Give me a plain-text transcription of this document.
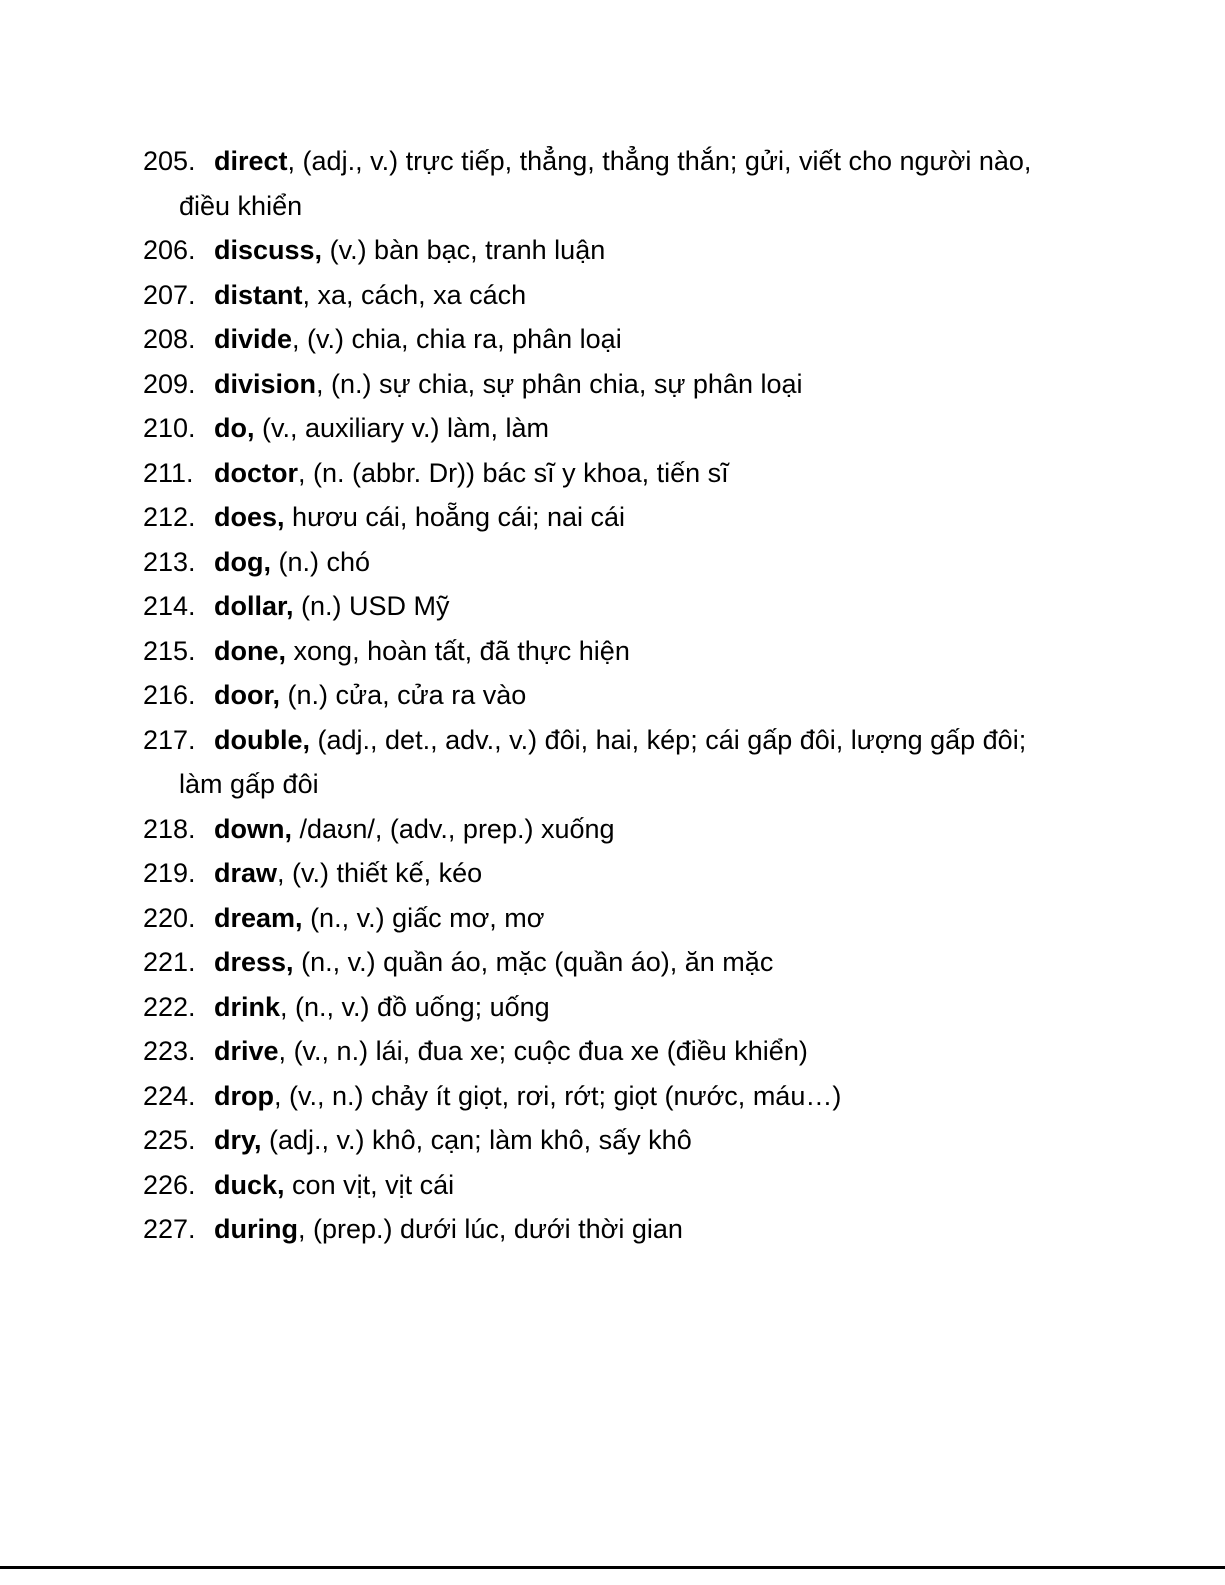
205. direct, (adj., v.) trực tiếp, thẳng, thẳng thắn; gửi, viết cho người nào, điều khiển
206. discuss, (v.) bàn bạc, tranh luận
207. distant, xa, cách, xa cách
208. divide, (v.) chia, chia ra, phân loại
209. division, (n.) sự chia, sự phân chia, sự phân loại
210. do, (v., auxiliary v.) làm, làm
211. doctor, (n. (abbr. Dr)) bác sĩ y khoa, tiến sĩ
212. does, hươu cái, hoẵng cái; nai cái
213. dog, (n.) chó
214. dollar, (n.) USD Mỹ
215. done, xong, hoàn tất, đã thực hiện
216. door, (n.) cửa, cửa ra vào
217. double, (adj., det., adv., v.) đôi, hai, kép; cái gấp đôi, lượng gấp đôi; làm gấp đôi
218. down, /daʊn/, (adv., prep.) xuống
219. draw, (v.) thiết kế, kéo
220. dream, (n., v.) giấc mơ, mơ
221. dress, (n., v.) quần áo, mặc (quần áo), ăn mặc
222. drink, (n., v.) đồ uống; uống
223. drive, (v., n.) lái, đua xe; cuộc đua xe (điều khiển)
224. drop, (v., n.) chảy ít giọt, rơi, rớt; giọt (nước, máu…)
225. dry, (adj., v.) khô, cạn; làm khô, sấy khô
226. duck, con vịt, vịt cái
227. during, (prep.) dưới lúc, dưới thời gian
